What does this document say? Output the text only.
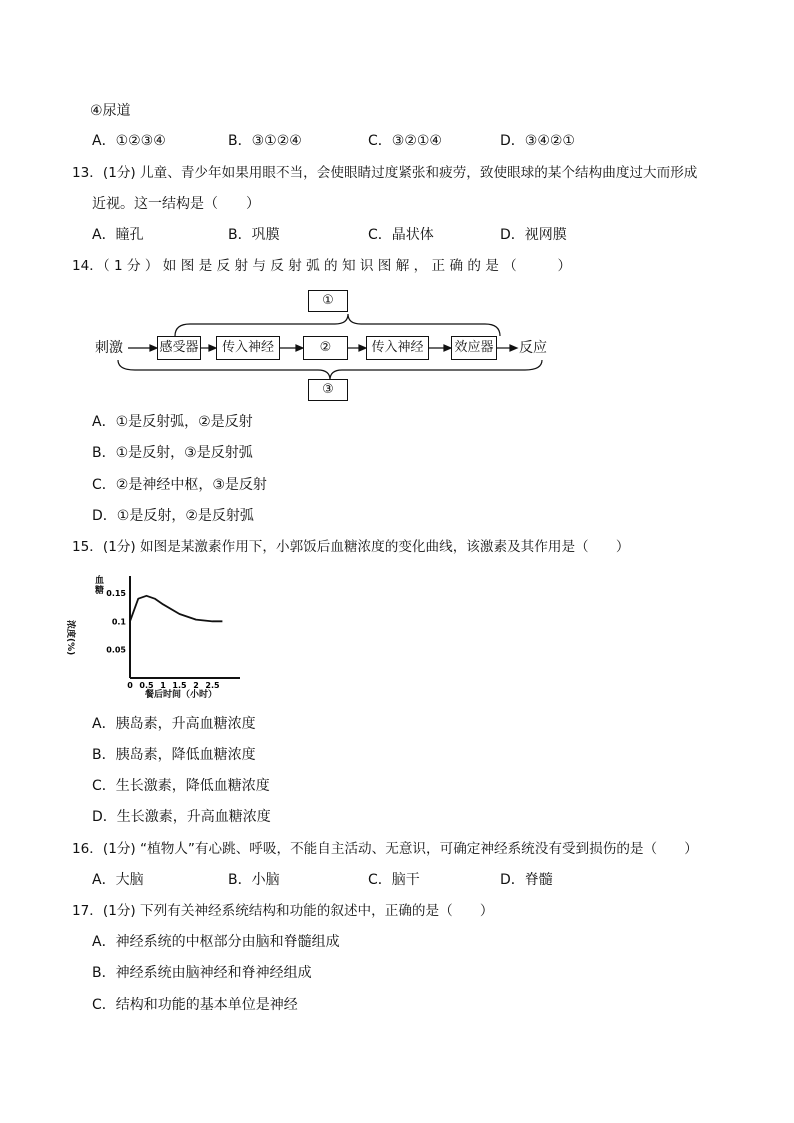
④尿道
A．①②③④	B．③①②④	C．③②①④	D．③④②①
13．(1分) 儿童、青少年如果用眼不当，会使眼睛过度紧张和疲劳，致使眼球的某个结构曲度过大而形成
近视。这一结构是（　　）
A．瞳孔	B．巩膜	C．晶状体	D．视网膜
14．（ 1 分 ） 如 图 是 反 射 与 反 射 弧 的 知 识 图 解 ， 正 确 的 是 （　　　）
刺激	反应
①
③
感受器	传入神经	②	传入神经	效应器
A．①是反射弧，②是反射
B．①是反射，③是反射弧
C．②是神经中枢，③是反射
D．①是反射，②是反射弧
15．(1分) 如图是某激素作用下，小郭饭后血糖浓度的变化曲线，该激素及其作用是（　　）
0.15
0.1
0.05
0 0.5 1 1.5 2 2.5
血糖
浓度(%)
餐后时间（小时）
A．胰岛素，升高血糖浓度
B．胰岛素，降低血糖浓度
C．生长激素，降低血糖浓度
D．生长激素，升高血糖浓度
16．(1分) “植物人”有心跳、呼吸，不能自主活动、无意识，可确定神经系统没有受到损伤的是（　　）
A．大脑	B．小脑	C．脑干	D．脊髓
17．(1分) 下列有关神经系统结构和功能的叙述中，正确的是（　　）
A．神经系统的中枢部分由脑和脊髓组成
B．神经系统由脑神经和脊神经组成
C．结构和功能的基本单位是神经
